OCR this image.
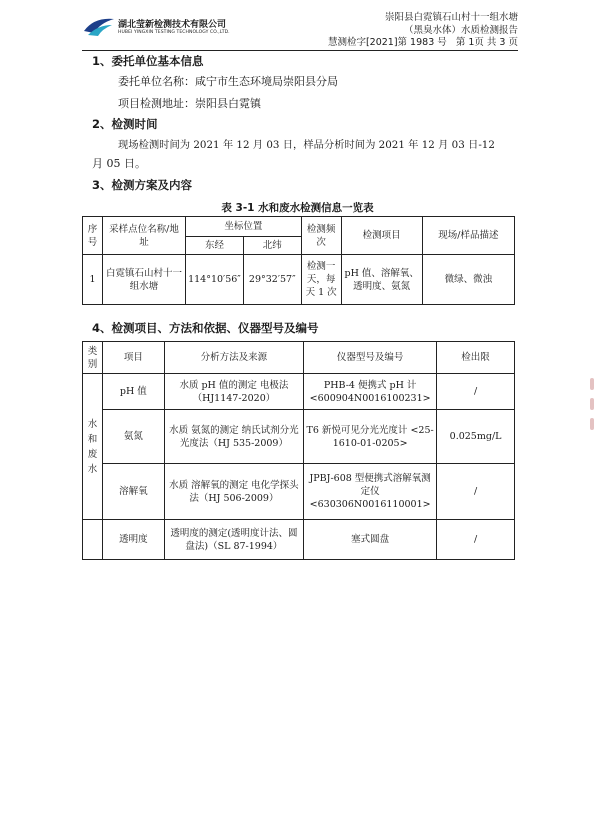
湖北莹新检测技术有限公司
HUBEI YINGXIN TESTING TECHNOLOGY CO.,LTD.
崇阳县白霓镇石山村十一组水塘
（黑臭水体）水质检测报告
慧测检字[2021]第 1983 号 第 1页 共 3 页
1、委托单位基本信息
委托单位名称：咸宁市生态环境局崇阳县分局
项目检测地址：崇阳县白霓镇
2、检测时间
现场检测时间为 2021 年 12 月 03 日，样品分析时间为 2021 年 12 月 03 日-12
月 05 日。
3、检测方案及内容
表 3-1 水和废水检测信息一览表
序号	采样点位名称/地址	坐标位置		检测频次	检测项目	现场/样品描述
		东经	北纬			
1	白霓镇石山村十一组水塘	114°10′56″	29°32′57″	检测一天，每天 1 次	pH 值、溶解氧、透明度、氨氮	微绿、微浊
4、检测项目、方法和依据、仪器型号及编号
类别	项目	分析方法及来源	仪器型号及编号	检出限
水和废水	pH 值	水质 pH 值的测定 电极法（HJ1147-2020）	PHB-4 便携式 pH 计 <600904N0016100231>	/
	氨氮	水质 氨氮的测定 纳氏试剂分光光度法（HJ 535-2009）	T6 新悦可见分光光度计 <25-1610-01-0205>	0.025mg/L
	溶解氧	水质 溶解氧的测定 电化学探头法（HJ 506-2009）	JPBJ-608 型便携式溶解氧测定仪 <630306N0016110001>	/
	透明度	透明度的测定(透明度计法、圆盘法)（SL 87-1994）	塞式圆盘	/
